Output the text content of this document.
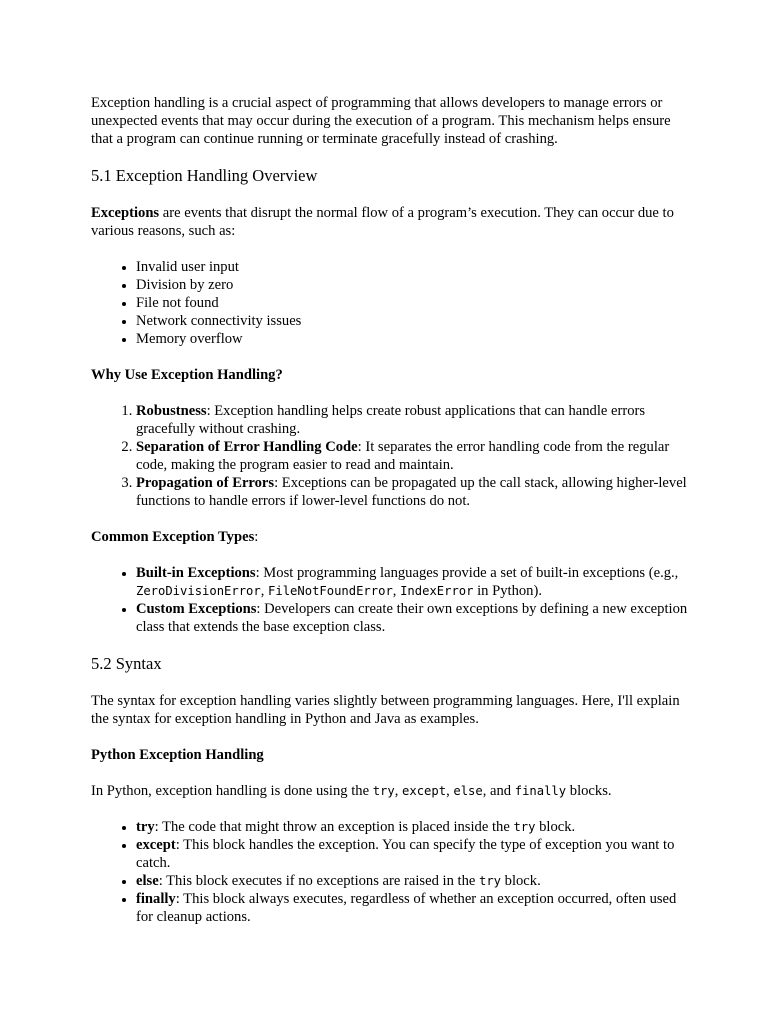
Exception handling is a crucial aspect of programming that allows developers to manage errors or unexpected events that may occur during the execution of a program. This mechanism helps ensure that a program can continue running or terminate gracefully instead of crashing.

5.1 Exception Handling Overview

Exceptions are events that disrupt the normal flow of a program’s execution. They can occur due to various reasons, such as:

• Invalid user input
• Division by zero
• File not found
• Network connectivity issues
• Memory overflow
Why Use Exception Handling?
1. Robustness: Exception handling helps create robust applications that can handle errors gracefully without crashing.
2. Separation of Error Handling Code: It separates the error handling code from the regular code, making the program easier to read and maintain.
3. Propagation of Errors: Exceptions can be propagated up the call stack, allowing higher-level functions to handle errors if lower-level functions do not.

Common Exception Types:

• Built-in Exceptions: Most programming languages provide a set of built-in exceptions (e.g., ZeroDivisionError, FileNotFoundError, IndexError in Python).
• Custom Exceptions: Developers can create their own exceptions by defining a new exception class that extends the base exception class.
5.2 Syntax

The syntax for exception handling varies slightly between programming languages. Here, I'll explain the syntax for exception handling in Python and Java as examples.

Python Exception Handling

In Python, exception handling is done using the try, except, else, and finally blocks.

• try: The code that might throw an exception is placed inside the try block.
• except: This block handles the exception. You can specify the type of exception you want to catch.
• else: This block executes if no exceptions are raised in the try block.
• finally: This block always executes, regardless of whether an exception occurred, often used for cleanup actions.
